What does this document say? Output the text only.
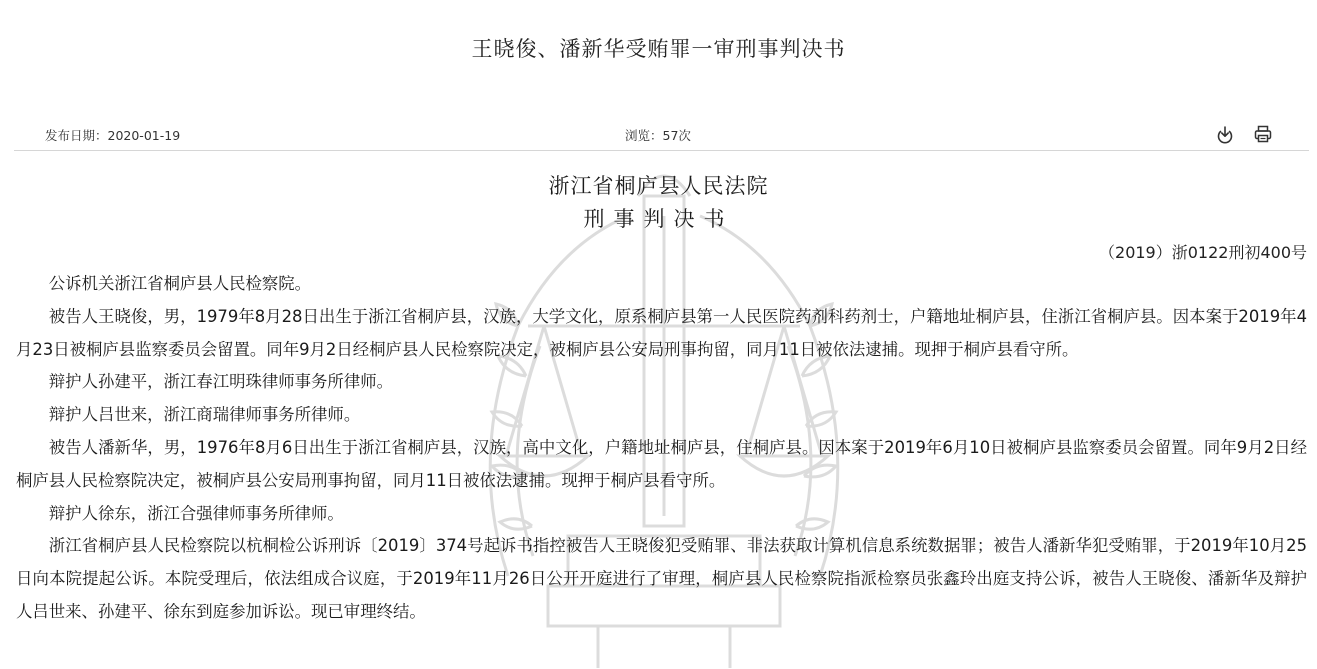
王晓俊、潘新华受贿罪一审刑事判决书
发布日期：2020-01-19	浏览：57次
浙江省桐庐县人民法院
刑事判决书
（2019）浙0122刑初400号

公诉机关浙江省桐庐县人民检察院。

被告人王晓俊，男，1979年8月28日出生于浙江省桐庐县，汉族，大学文化，原系桐庐县第一人民医院药剂科药剂士，户籍地址桐庐县，住浙江省桐庐县。因本案于2019年4月23日被桐庐县监察委员会留置。同年9月2日经桐庐县人民检察院决定，被桐庐县公安局刑事拘留，同月11日被依法逮捕。现押于桐庐县看守所。

辩护人孙建平，浙江春江明珠律师事务所律师。

辩护人吕世来，浙江商瑞律师事务所律师。

被告人潘新华，男，1976年8月6日出生于浙江省桐庐县，汉族，高中文化，户籍地址桐庐县，住桐庐县。因本案于2019年6月10日被桐庐县监察委员会留置。同年9月2日经桐庐县人民检察院决定，被桐庐县公安局刑事拘留，同月11日被依法逮捕。现押于桐庐县看守所。

辩护人徐东，浙江合强律师事务所律师。

浙江省桐庐县人民检察院以杭桐检公诉刑诉〔2019〕374号起诉书指控被告人王晓俊犯受贿罪、非法获取计算机信息系统数据罪；被告人潘新华犯受贿罪，于2019年10月25日向本院提起公诉。本院受理后，依法组成合议庭，于2019年11月26日公开开庭进行了审理，桐庐县人民检察院指派检察员张鑫玲出庭支持公诉，被告人王晓俊、潘新华及辩护人吕世来、孙建平、徐东到庭参加诉讼。现已审理终结。
